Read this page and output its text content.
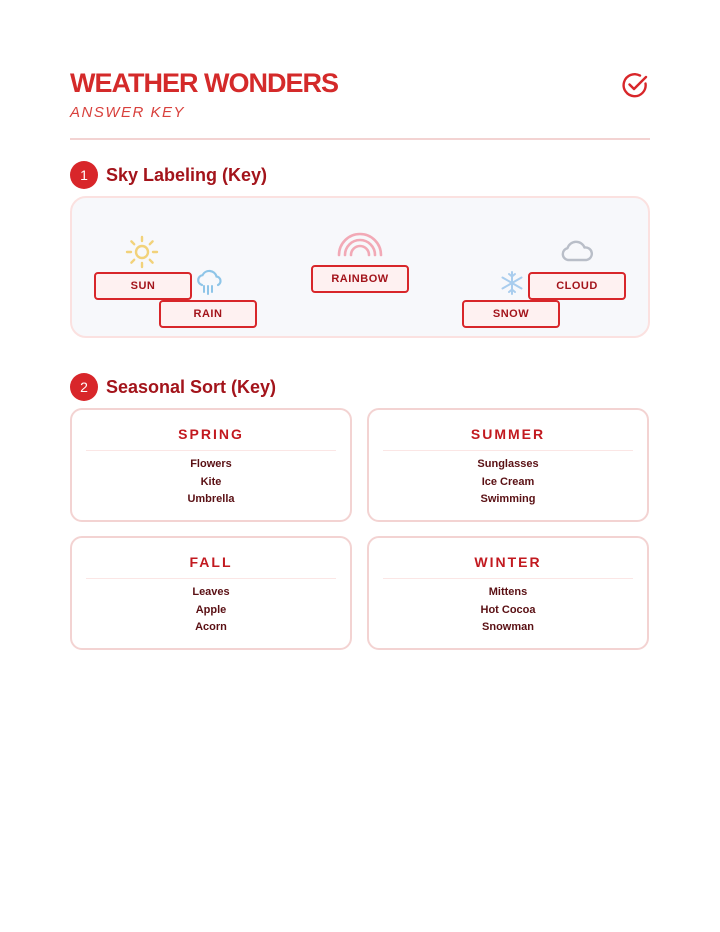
WEATHER WONDERS
ANSWER KEY
1	Sky Labeling (Key)
SUN
RAIN
RAINBOW
SNOW
CLOUD
2	Seasonal Sort (Key)
SPRING
Flowers
Kite
Umbrella
SUMMER
Sunglasses
Ice Cream
Swimming
FALL
Leaves
Apple
Acorn
WINTER
Mittens
Hot Cocoa
Snowman
